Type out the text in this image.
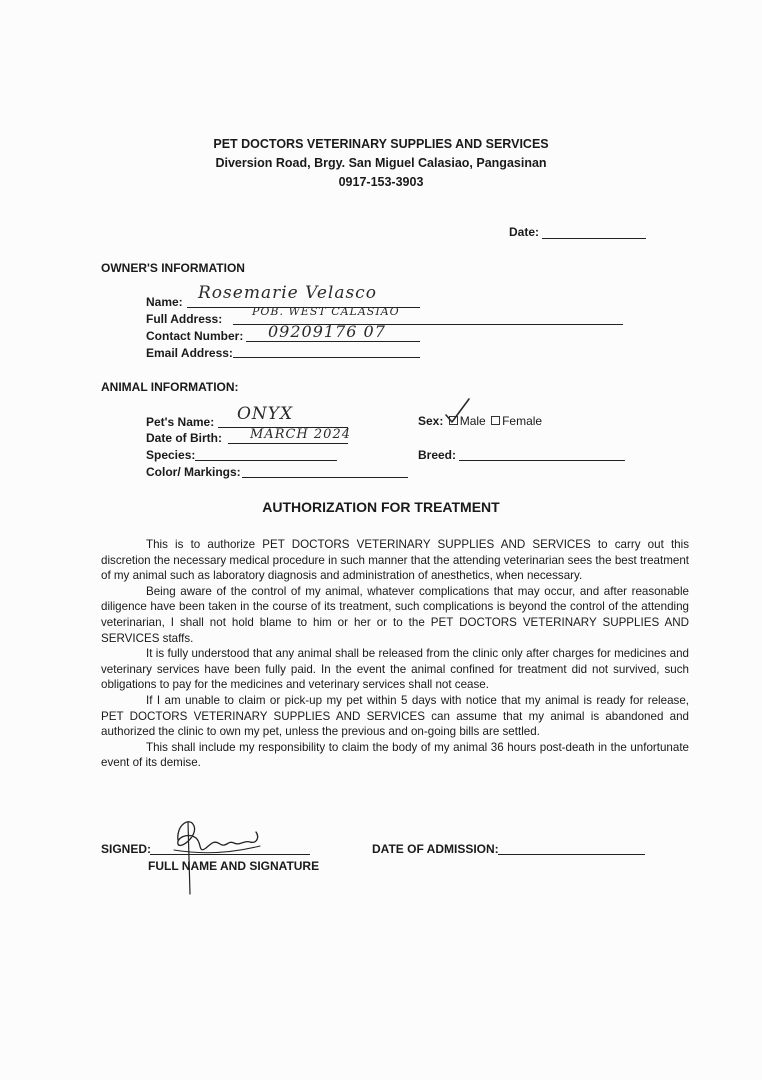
PET DOCTORS VETERINARY SUPPLIES AND SERVICES
Diversion Road, Brgy. San Miguel Calasiao, Pangasinan
0917-153-3903
Date:
OWNER'S INFORMATION
Name: Rosemarie Velasco
Full Address:
POB. WEST CALASIAO
Contact Number: 09209176 07
Email Address:
ANIMAL INFORMATION:
Pet's Name: ONYX
Date of Birth: MARCH 2024
Species:
Color/ Markings:
Sex: Male Female
Breed:
AUTHORIZATION FOR TREATMENT

This is to authorize PET DOCTORS VETERINARY SUPPLIES AND SERVICES to carry out this discretion the necessary medical procedure in such manner that the attending veterinarian sees the best treatment of my animal such as laboratory diagnosis and administration of anesthetics, when necessary.

Being aware of the control of my animal, whatever complications that may occur, and after reasonable diligence have been taken in the course of its treatment, such complications is beyond the control of the attending veterinarian, I shall not hold blame to him or her or to the PET DOCTORS VETERINARY SUPPLIES AND SERVICES staffs.

It is fully understood that any animal shall be released from the clinic only after charges for medicines and veterinary services have been fully paid. In the event the animal confined for treatment did not survived, such obligations to pay for the medicines and veterinary services shall not cease.

If I am unable to claim or pick-up my pet within 5 days with notice that my animal is ready for release, PET DOCTORS VETERINARY SUPPLIES AND SERVICES can assume that my animal is abandoned and authorized the clinic to own my pet, unless the previous and on-going bills are settled.

This shall include my responsibility to claim the body of my animal 36 hours post-death in the unfortunate event of its demise.

SIGNED:
FULL NAME AND SIGNATURE
DATE OF ADMISSION:
